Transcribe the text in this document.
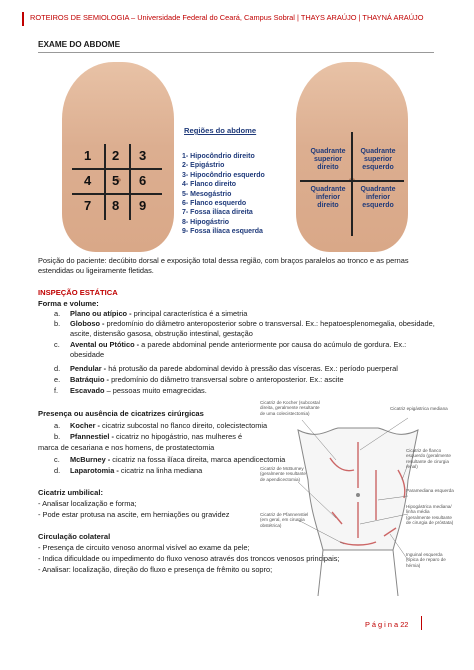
ROTEIROS DE SEMIOLOGIA – Universidade Federal do Ceará, Campus Sobral | THAYS ARAÚJO | THAYNÁ ARAÚJO
EXAME DO ABDOME
1 2 3
4 5 6
7 8 9
Regiões do abdome
1- Hipocôndrio direito
2- Epigástrio
3- Hipocôndrio esquerdo
4- Flanco direito
5- Mesogástrio
6- Flanco esquerdo
7- Fossa ilíaca direita
8- Hipogástrio
9- Fossa ilíaca esquerda
Quadrante
superior
direito
Quadrante
superior
esquerdo
Quadrante
inferior
direito
Quadrante
inferior
esquerdo
Posição do paciente: decúbito dorsal e exposição total dessa região, com braços paralelos ao tronco e as pernas estendidas ou ligeiramente fletidas.
INSPEÇÃO ESTÁTICA
Forma e volume:
a. Plano ou atípico - principal característica é a simetria
b. Globoso - predomínio do diâmetro anteroposterior sobre o transversal. Ex.: hepatoesplenomegalia, obesidade, ascite, distensão gasosa, obstrução intestinal, gestação
c. Avental ou Ptótico - a parede abdominal pende anteriormente por causa do acúmulo de gordura. Ex.: obesidade
d. Pendular - há protusão da parede abdominal devido à pressão das vísceras. Ex.: período puerperal
e. Batráquio - predomínio do diâmetro transversal sobre o anteroposterior. Ex.: ascite
f. Escavado – pessoas muito emagrecidas.
Presença ou ausência de cicatrizes cirúrgicas
a. Kocher - cicatriz subcostal no flanco direito, colecistectomia
b. Pfannestiel - cicatriz no hipogástrio, nas mulheres é
marca de cesariana e nos homens, de prostatectomia
c. McBurney - cicatriz na fossa ilíaca direita, marca apendicectomia
d. Laparotomia - cicatriz na linha mediana
Cicatriz umbilical:
- Analisar localização e forma;
- Pode estar protusa na ascite, em herniações ou gravidez
Circulação colateral
- Presença de circuito venoso anormal visível ao exame da pele;
- Indica dificuldade ou impedimento do fluxo venoso através dos troncos venosos principais;
- Analisar: localização, direção do fluxo e presença de frêmito ou sopro;
Cicatriz de Kocher (subcostal direita, geralmente resultante de uma colecistectomia)
Cicatriz epigástrica mediana
Cicatriz de flanco esquerdo (geralmente resultante de cirurgia renal)
Paramediana esquerda
Cicatriz de McBurney (geralmente resultante de apendicectomia)
Hipogástrica mediana/ linha média (geralmente resultante de cirurgia de próstata)
Cicatriz de Pfannenstiel (em geral, em cirurgia obstétrica)
Inguinal esquerda (típica de reparo de hérnia)
P á g i n a 22
